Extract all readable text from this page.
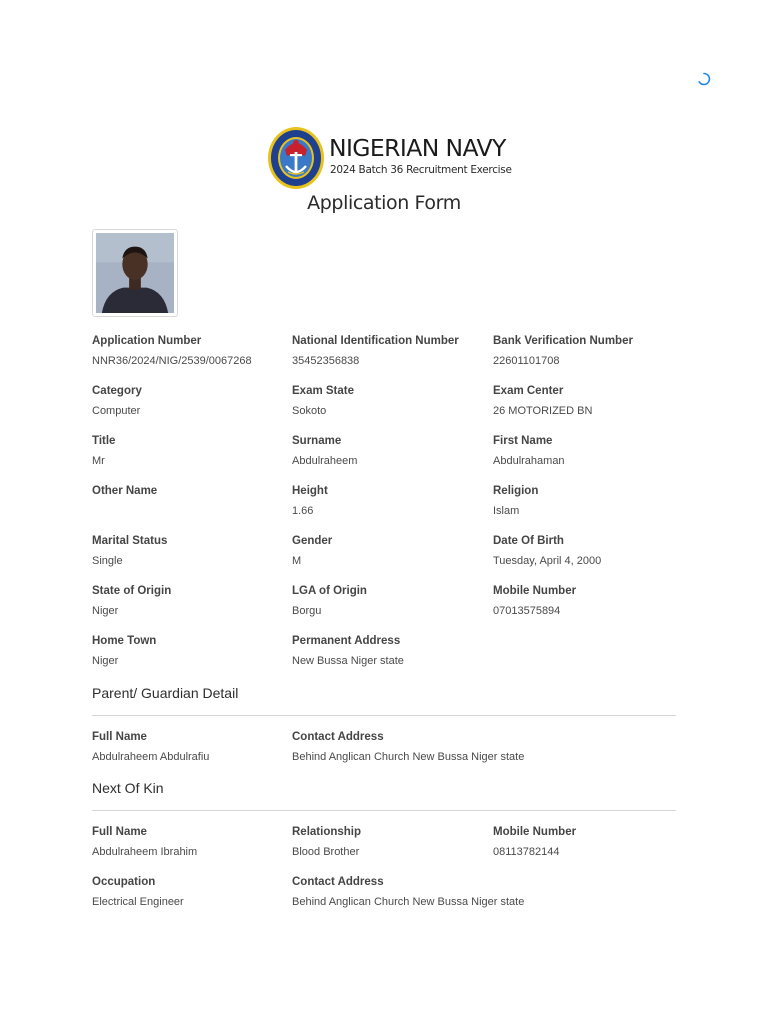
NIGERIAN NAVY
2024 Batch 36 Recruitment Exercise
Application Form
Application Number
NNR36/2024/NIG/2539/0067268
National Identification Number
35452356838
Bank Verification Number
22601101708
Category
Computer
Exam State
Sokoto
Exam Center
26 MOTORIZED BN
Title
Mr
Surname
Abdulraheem
First Name
Abdulrahaman
Other Name	Height
1.66
Religion
Islam
Marital Status
Single
Gender
M
Date Of Birth
Tuesday, April 4, 2000
State of Origin
Niger
LGA of Origin
Borgu
Mobile Number
07013575894
Home Town
Niger
Permanent Address
New Bussa Niger state
Parent/ Guardian Detail
Full Name
Abdulraheem Abdulrafiu
Contact Address
Behind Anglican Church New Bussa Niger state
Next Of Kin
Full Name
Abdulraheem Ibrahim
Relationship
Blood Brother
Mobile Number
08113782144
Occupation
Electrical Engineer
Contact Address
Behind Anglican Church New Bussa Niger state
